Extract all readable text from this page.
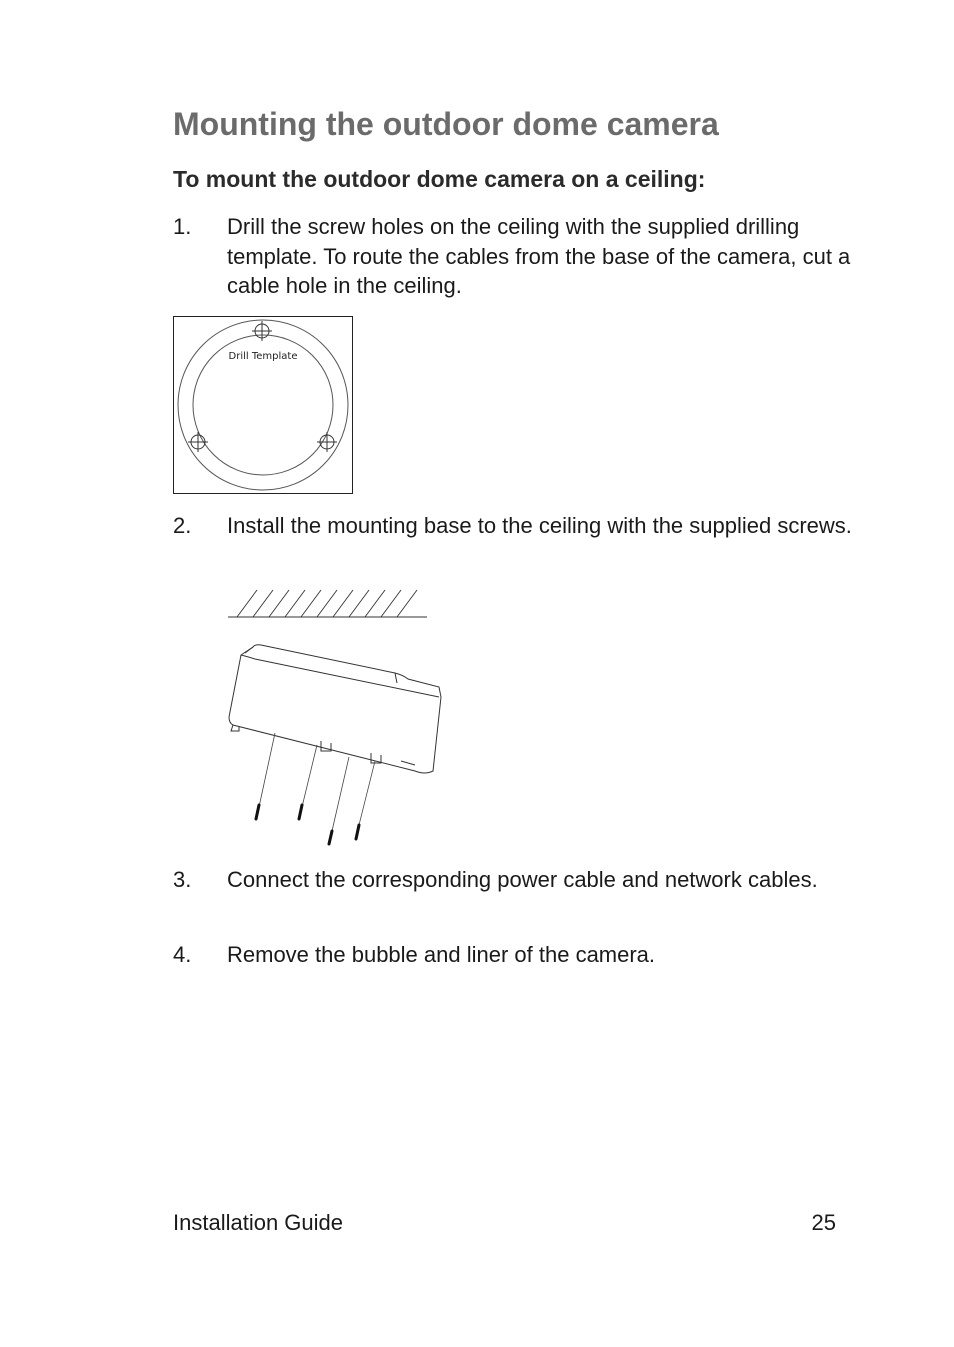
Mounting the outdoor dome camera
To mount the outdoor dome camera on a ceiling:
1. Drill the screw holes on the ceiling with the supplied drilling template. To route the cables from the base of the camera, cut a cable hole in the ceiling.
Drill Template
2. Install the mounting base to the ceiling with the supplied screws.
3. Connect the corresponding power cable and network cables.
4. Remove the bubble and liner of the camera.
Installation Guide	25
